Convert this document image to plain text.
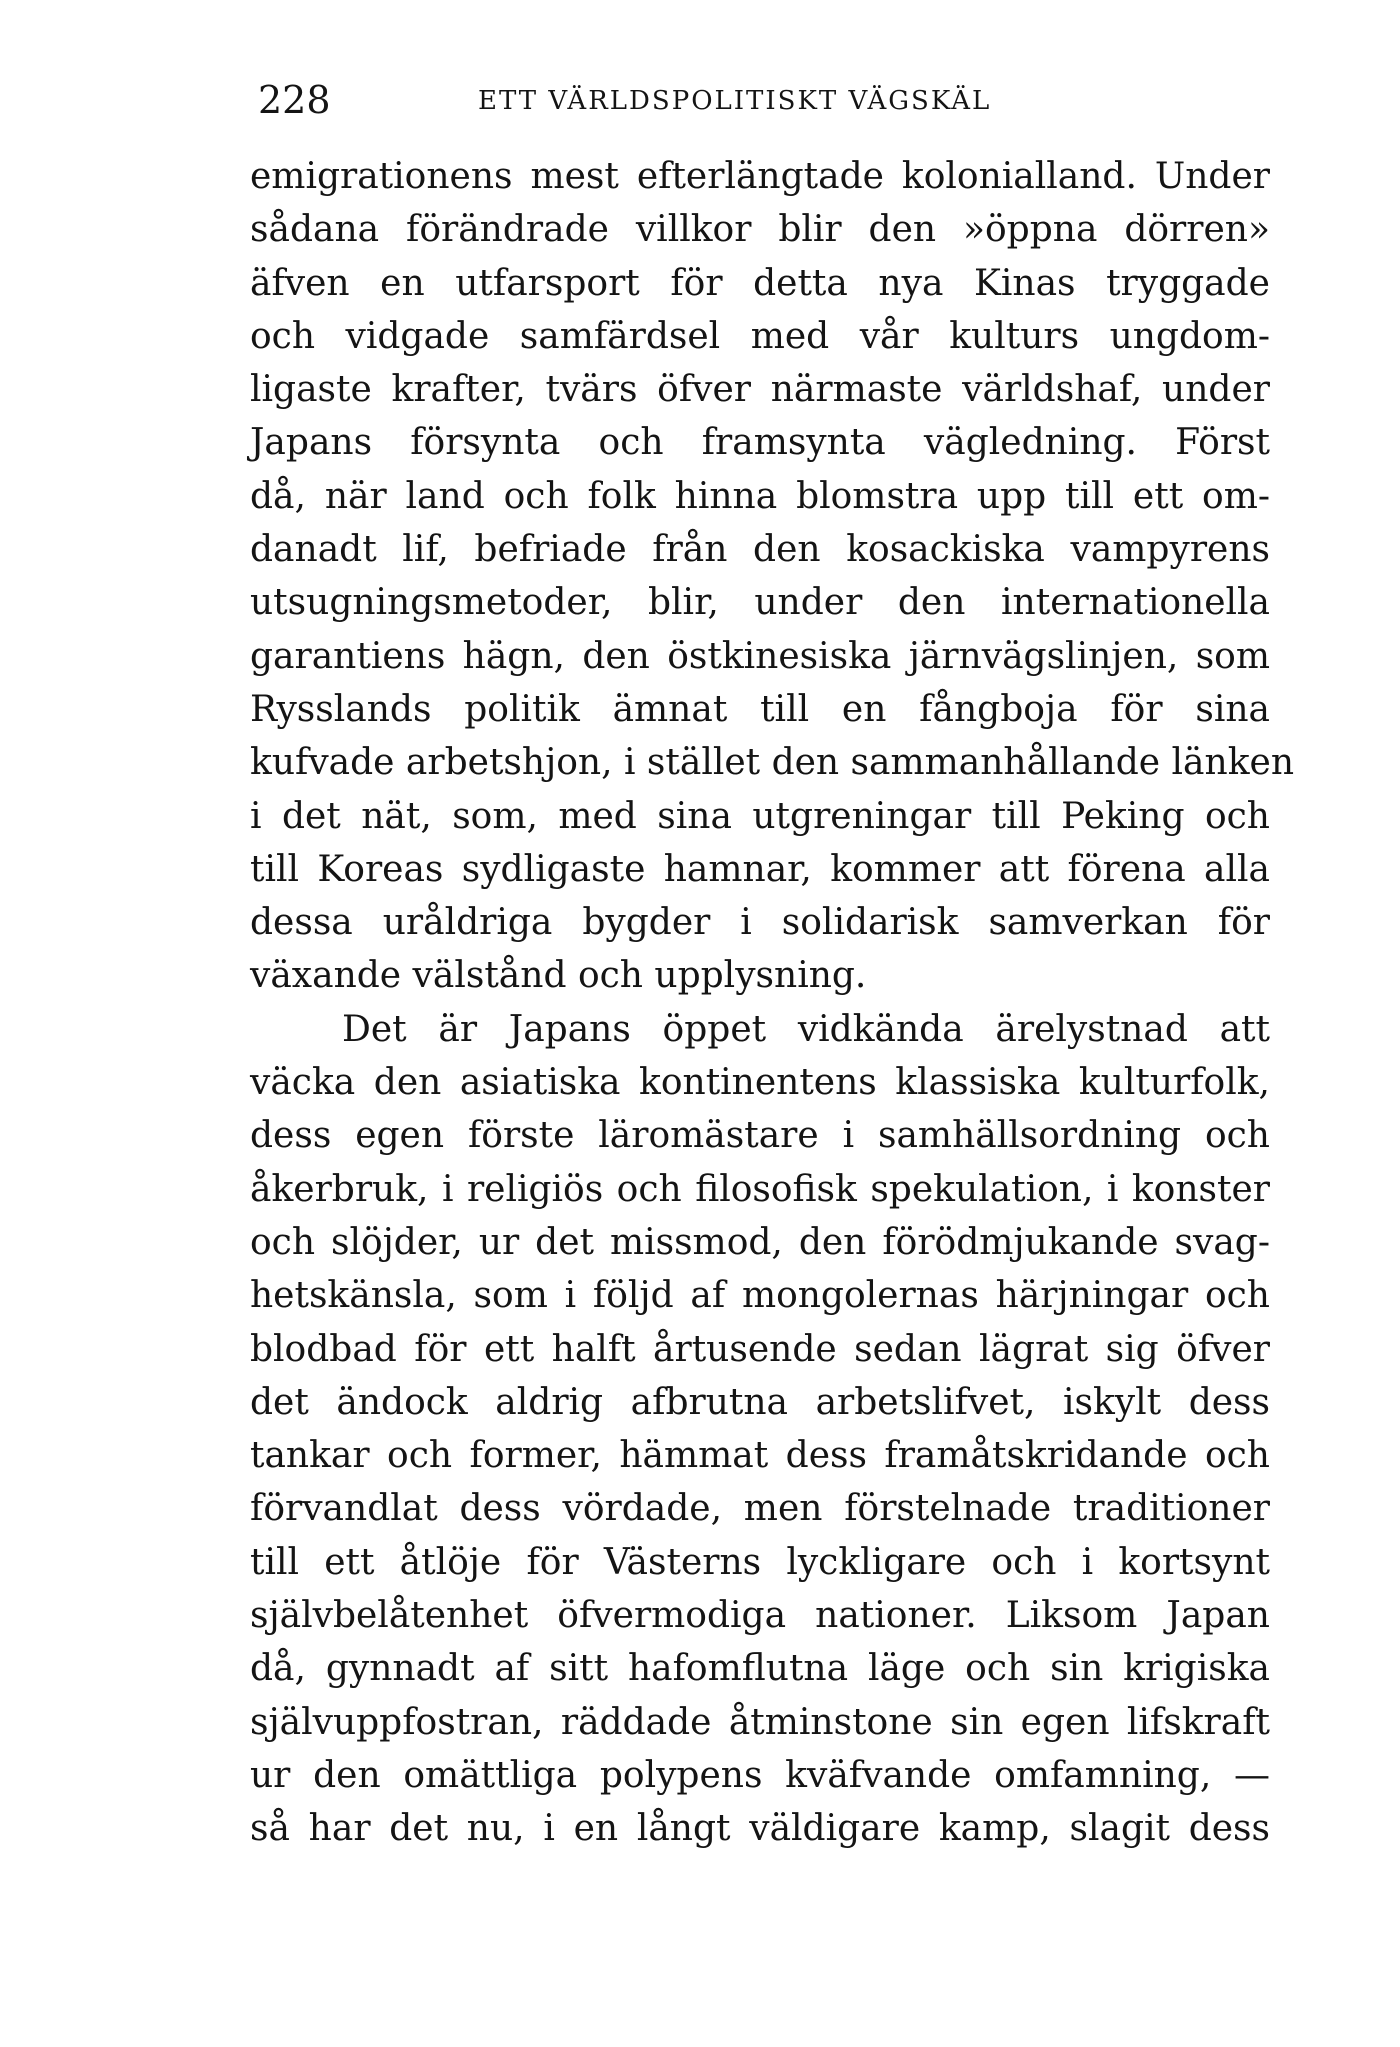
228	ETT VÄRLDSPOLITISKT VÄGSKÄL
emigrationens mest efterlängtade kolonialland. Under
sådana förändrade villkor blir den »öppna dörren»
äfven en utfarsport för detta nya Kinas tryggade
och vidgade samfärdsel med vår kulturs ungdom-
ligaste krafter, tvärs öfver närmaste världshaf, under
Japans försynta och framsynta vägledning. Först
då, när land och folk hinna blomstra upp till ett om-
danadt lif, befriade från den kosackiska vampyrens
utsugningsmetoder, blir, under den internationella
garantiens hägn, den östkinesiska järnvägslinjen, som
Rysslands politik ämnat till en fångboja för sina
kufvade arbetshjon, i stället den sammanhållande länken
i det nät, som, med sina utgreningar till Peking och
till Koreas sydligaste hamnar, kommer att förena alla
dessa uråldriga bygder i solidarisk samverkan för
växande välstånd och upplysning.
Det är Japans öppet vidkända ärelystnad att
väcka den asiatiska kontinentens klassiska kulturfolk,
dess egen förste läromästare i samhällsordning och
åkerbruk, i religiös och filosofisk spekulation, i konster
och slöjder, ur det missmod, den förödmjukande svag-
hetskänsla, som i följd af mongolernas härjningar och
blodbad för ett halft årtusende sedan lägrat sig öfver
det ändock aldrig afbrutna arbetslifvet, iskylt dess
tankar och former, hämmat dess framåtskridande och
förvandlat dess vördade, men förstelnade traditioner
till ett åtlöje för Västerns lyckligare och i kortsynt
självbelåtenhet öfvermodiga nationer. Liksom Japan
då, gynnadt af sitt hafomflutna läge och sin krigiska
självuppfostran, räddade åtminstone sin egen lifskraft
ur den omättliga polypens kväfvande omfamning, —
så har det nu, i en långt väldigare kamp, slagit dess
